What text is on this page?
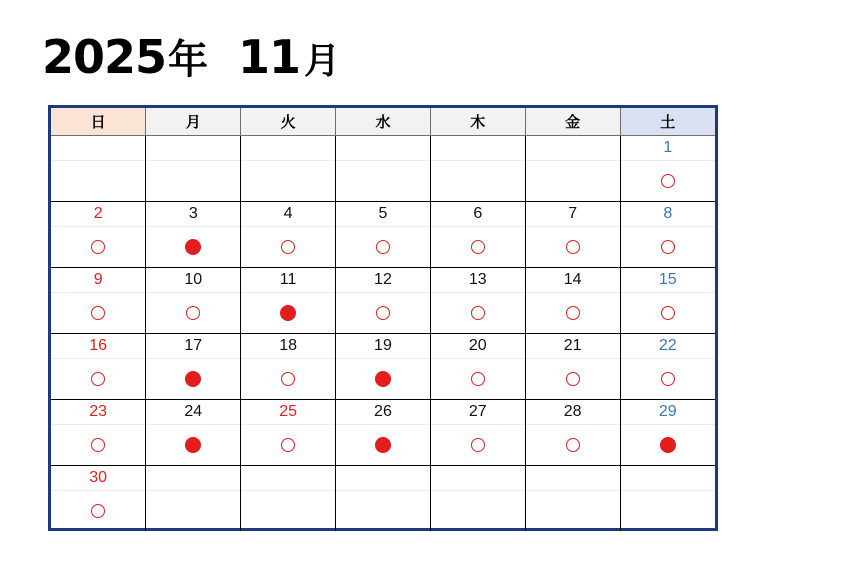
2025 年 11 月
日	月	火	水	木	金	土

						1

2	3	4	5	6	7	8

9	10	11	12	13	14	15

16	17	18	19	20	21	22

23	24	25	26	27	28	29

30						
